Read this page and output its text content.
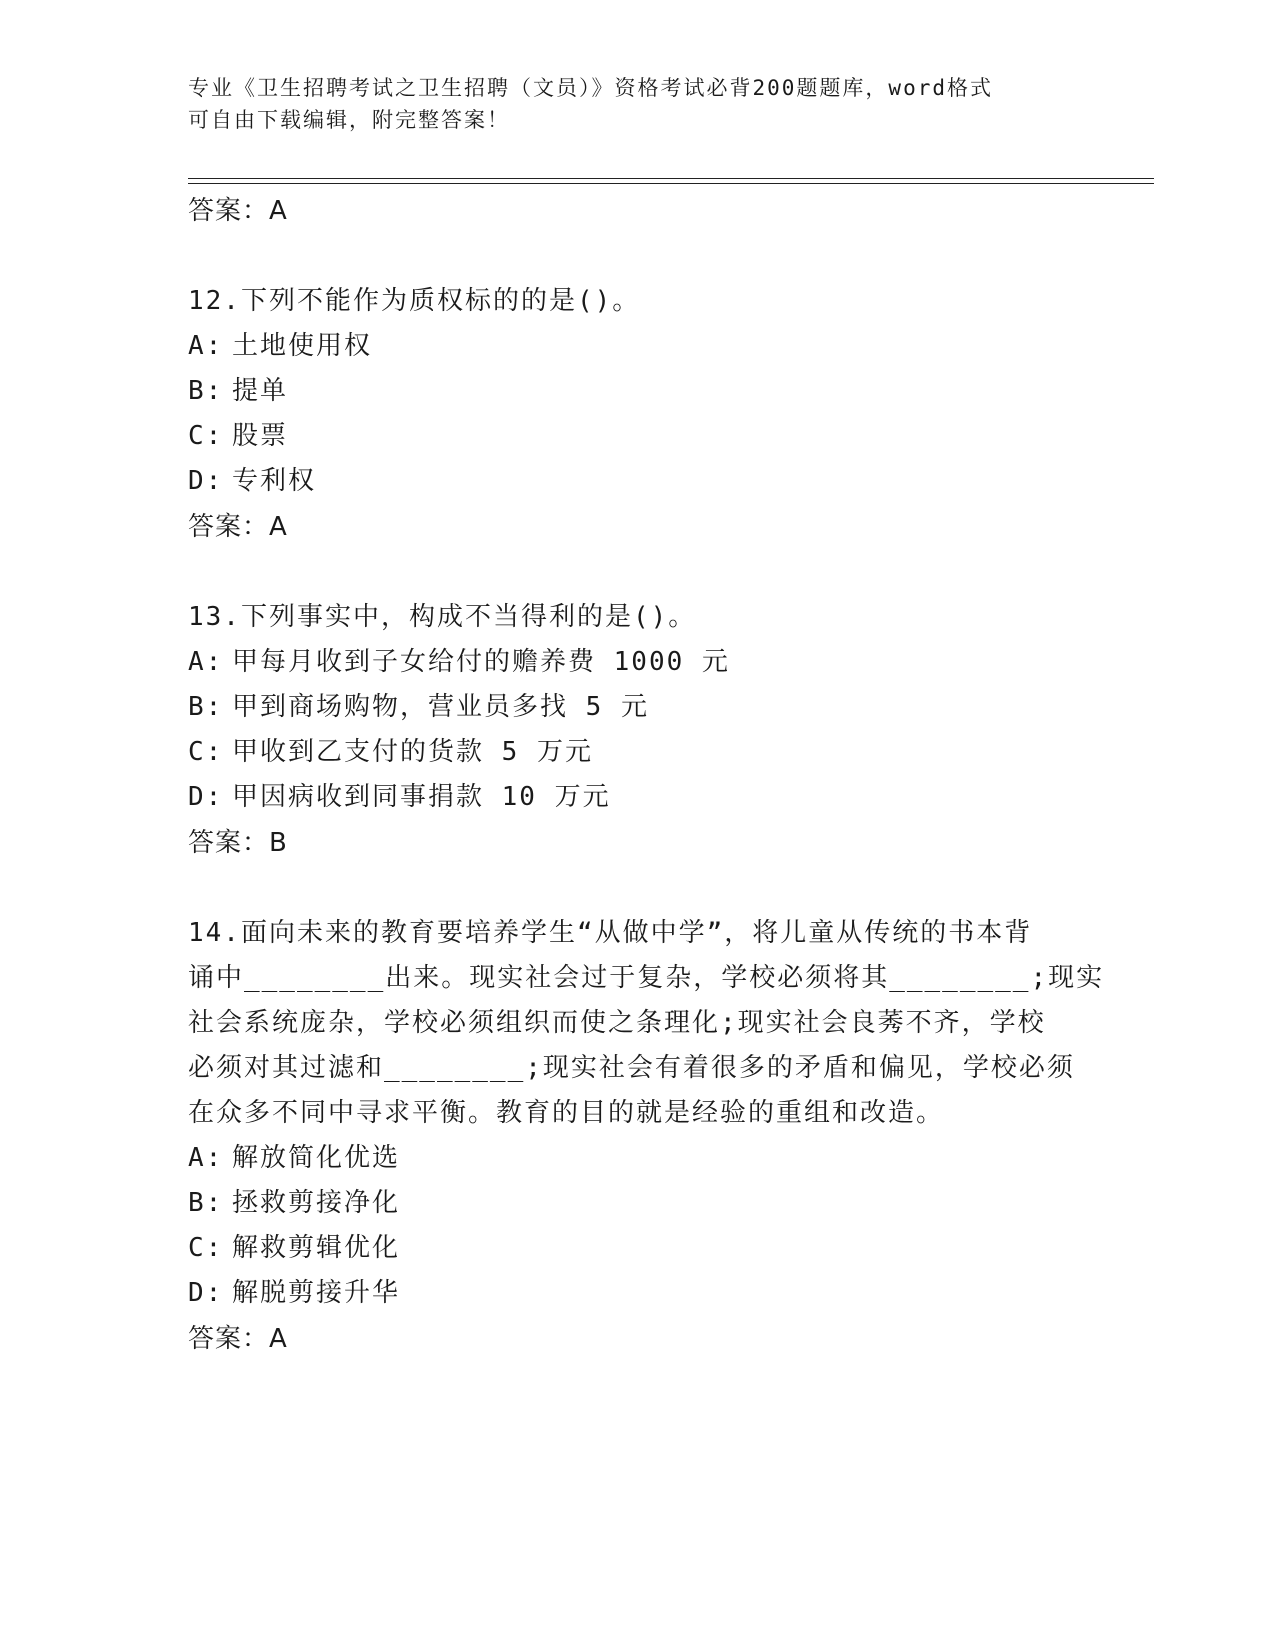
专业《卫生招聘考试之卫生招聘（文员）》资格考试必背200题题库，word格式
可自由下载编辑，附完整答案！
答案：A
12.下列不能作为质权标的的是()。
A: 土地使用权
B: 提单
C: 股票
D: 专利权
答案：A
13.下列事实中，构成不当得利的是()。
A: 甲每月收到子女给付的赡养费 1000 元
B: 甲到商场购物，营业员多找 5 元
C: 甲收到乙支付的货款 5 万元
D: 甲因病收到同事捐款 10 万元
答案：B
14.面向未来的教育要培养学生“从做中学”，将儿童从传统的书本背
诵中________出来。现实社会过于复杂，学校必须将其________;现实
社会系统庞杂，学校必须组织而使之条理化;现实社会良莠不齐，学校
必须对其过滤和________;现实社会有着很多的矛盾和偏见，学校必须
在众多不同中寻求平衡。教育的目的就是经验的重组和改造。
A: 解放简化优选
B: 拯救剪接净化
C: 解救剪辑优化
D: 解脱剪接升华
答案：A
